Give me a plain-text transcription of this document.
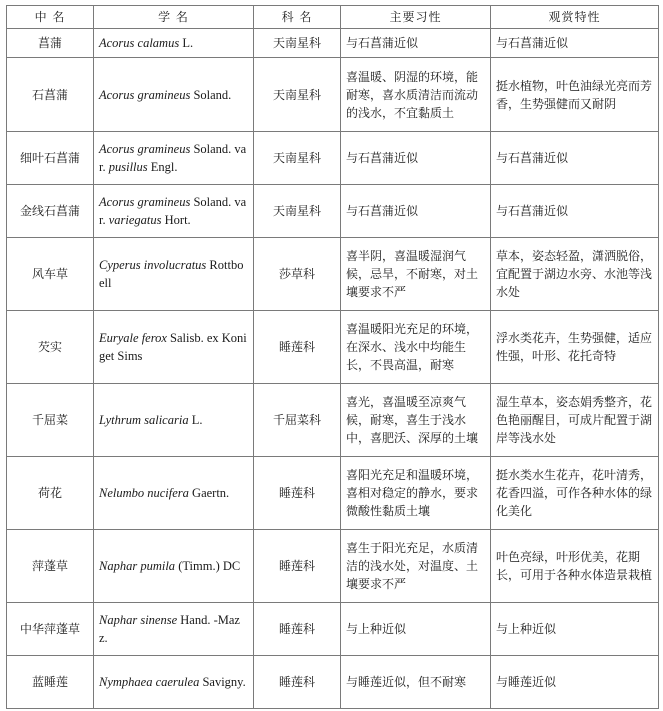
中 名	学 名	科 名	主要习性	观赏特性
菖蒲	Acorus calamus L.	天南星科	与石菖蒲近似	与石菖蒲近似
石菖蒲	Acorus gramineus Soland.	天南星科	喜温暖、阴湿的环境，能耐寒，喜水质清洁而流动的浅水，不宜黏质土	挺水植物，叶色油绿光亮而芳香，生势强健而又耐阴
细叶石菖蒲	Acorus gramineus Soland. var. pusillus Engl.	天南星科	与石菖蒲近似	与石菖蒲近似
金线石菖蒲	Acorus gramineus Soland. var. variegatus Hort.	天南星科	与石菖蒲近似	与石菖蒲近似
风车草	Cyperus involucratus Rottboell	莎草科	喜半阴，喜温暖湿润气候，忌旱，不耐寒，对土壤要求不严	草本，姿态轻盈，潇洒脱俗，宜配置于湖边水旁、水池等浅水处
芡实	Euryale ferox Salisb. ex Koniget Sims	睡莲科	喜温暖阳光充足的环境，在深水、浅水中均能生长，不畏高温，耐寒	浮水类花卉，生势强健，适应性强，叶形、花托奇特
千屈菜	Lythrum salicaria L.	千屈菜科	喜光，喜温暖至凉爽气候，耐寒，喜生于浅水中，喜肥沃、深厚的土壤	湿生草本，姿态娟秀整齐，花色艳丽醒目，可成片配置于湖岸等浅水处
荷花	Nelumbo nucifera Gaertn.	睡莲科	喜阳光充足和温暖环境，喜相对稳定的静水，要求微酸性黏质土壤	挺水类水生花卉，花叶清秀，花香四溢，可作各种水体的绿化美化
萍蓬草	Naphar pumila (Timm.) DC	睡莲科	喜生于阳光充足，水质清洁的浅水处，对温度、土壤要求不严	叶色亮绿，叶形优美，花期长，可用于各种水体造景栽植
中华萍蓬草	Naphar sinense Hand. -Mazz.	睡莲科	与上种近似	与上种近似
蓝睡莲	Nymphaea caerulea Savigny.	睡莲科	与睡莲近似，但不耐寒	与睡莲近似
